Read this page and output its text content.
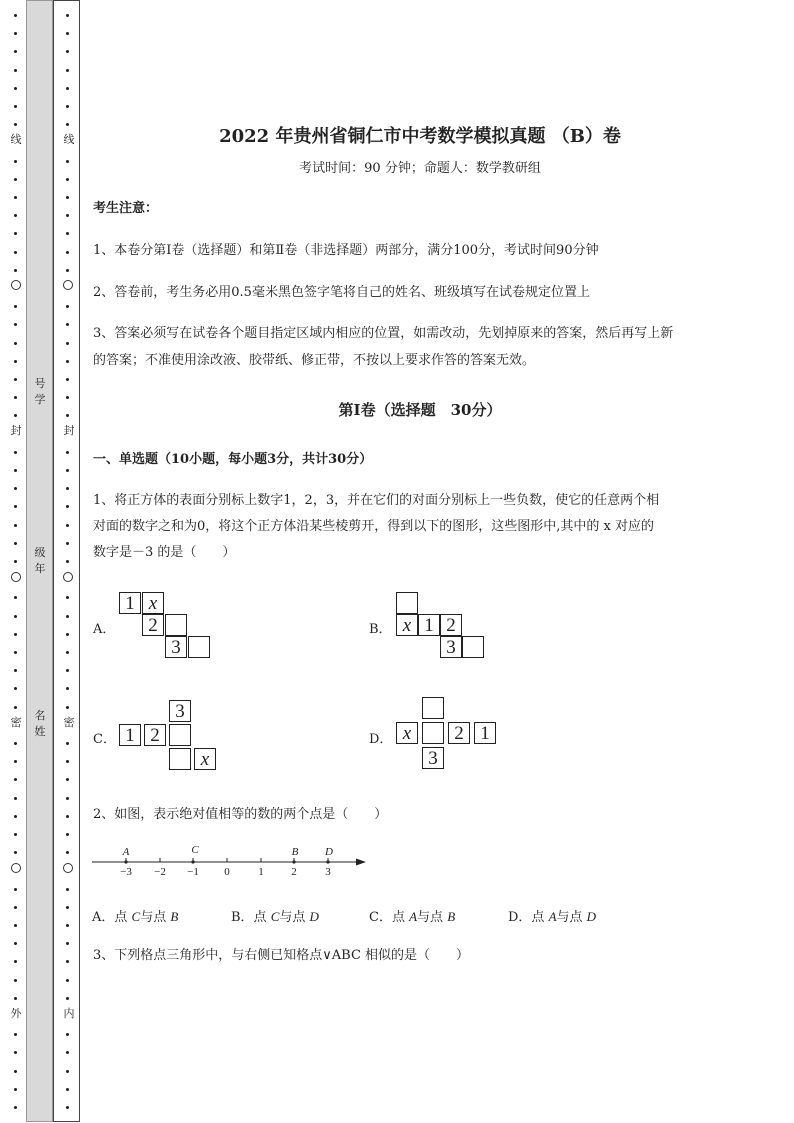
线
封
密
外
线
封
密
内
号学
级年
名姓
2022 年贵州省铜仁市中考数学模拟真题 （B）卷
考试时间：90 分钟；命题人：数学教研组
考生注意：
1、本卷分第Ⅰ卷（选择题）和第Ⅱ卷（非选择题）两部分，满分100分，考试时间90分钟
2、答卷前，考生务必用0.5毫米黑色签字笔将自己的姓名、班级填写在试卷规定位置上
3、答案必须写在试卷各个题目指定区域内相应的位置，如需改动，先划掉原来的答案，然后再写上新
的答案；不准使用涂改液、胶带纸、修正带，不按以上要求作答的答案无效。
第Ⅰ卷（选择题　30分）
一、单选题（10小题，每小题3分，共计30分）
1、将正方体的表面分别标上数字1，2，3，并在它们的对面分别标上一些负数，使它的任意两个相
对面的数字之和为0，将这个正方体沿某些棱剪开，得到以下的图形，这些图形中,其中的 x 对应的
数字是－3 的是（　　）
A．	B．
C．	D．
1 x
2
3
x 1 2
3
3
1 2
x
x	2 1
3
2、如图，表示绝对值相等的数的两个点是（　　）
A	C	B	D
−3	−2	−1	0	1	2	3
A．点 C与点 B	B．点 C与点 D	C．点 A与点 B	D．点 A与点 D
3、下列格点三角形中，与右侧已知格点∨ABC 相似的是（　　）
